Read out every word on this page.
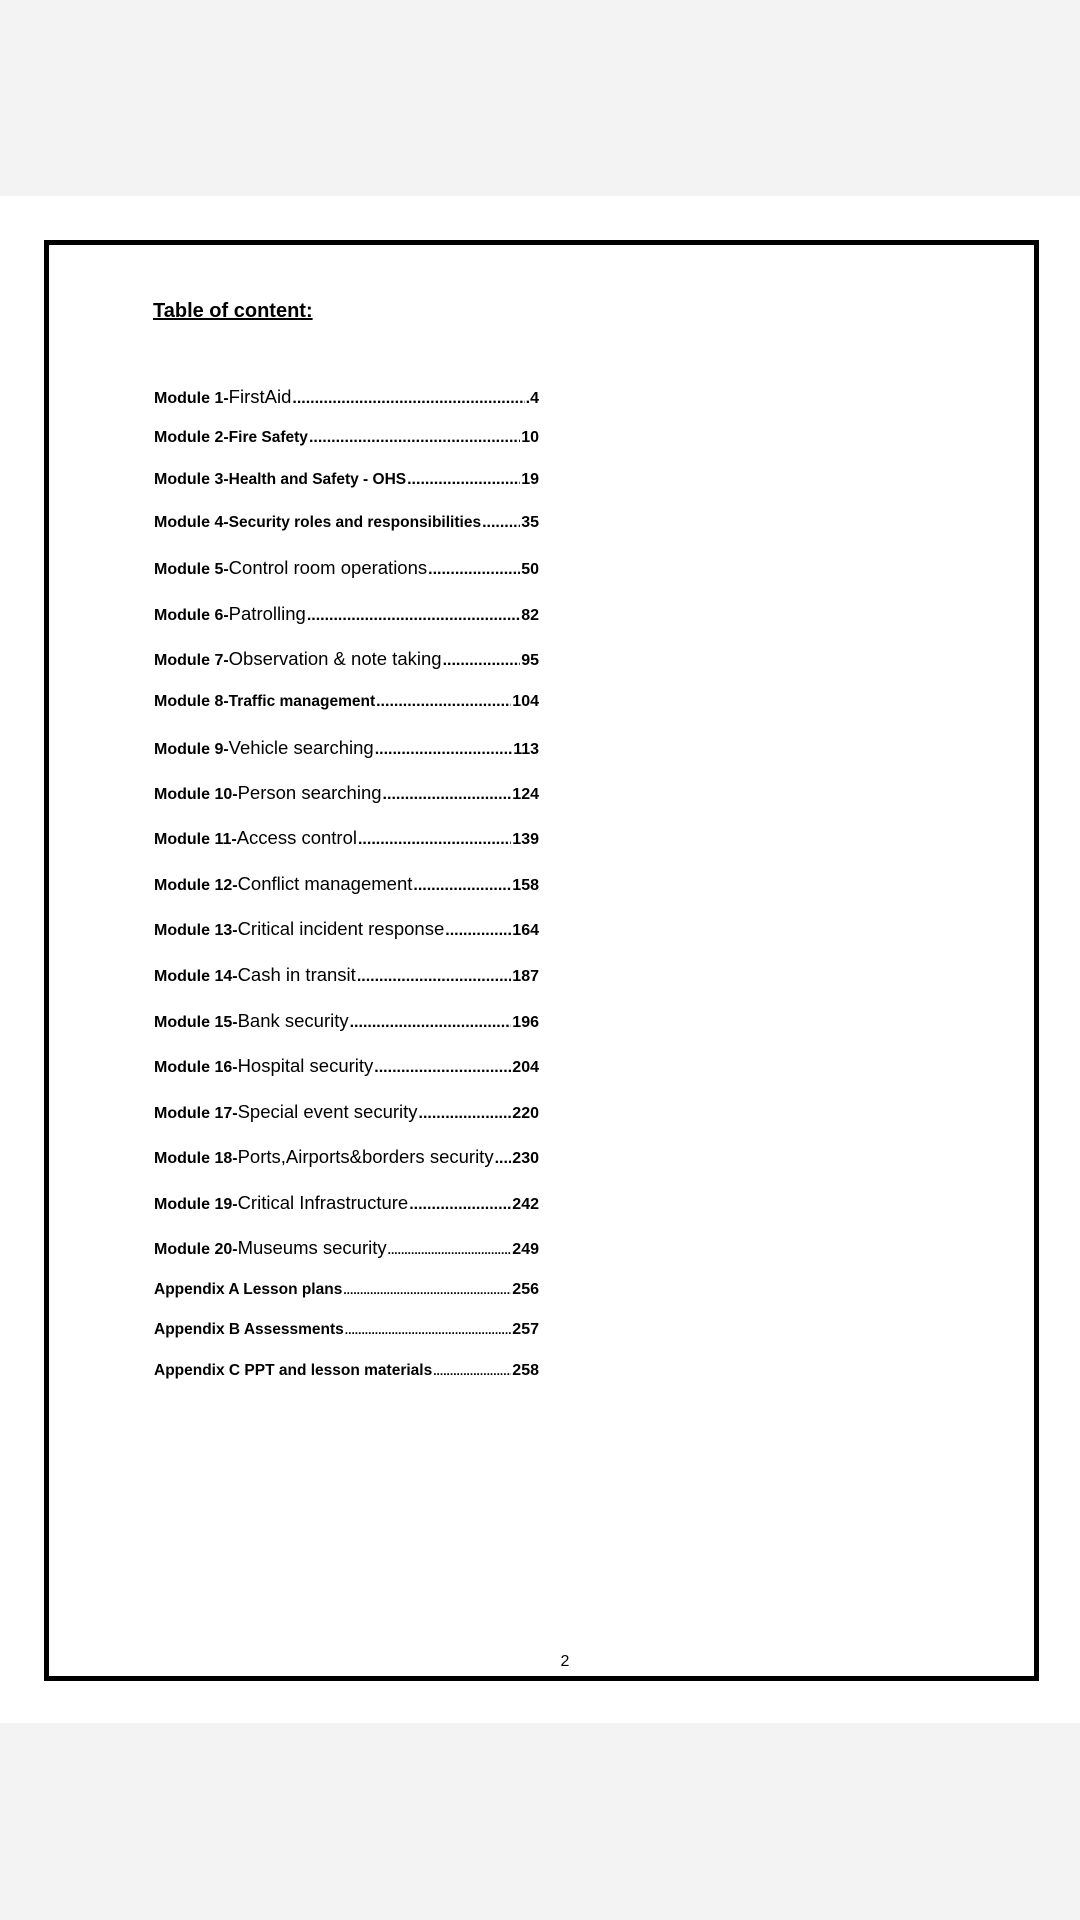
Table of content:
Module 1- FirstAid .....	.4
Module 2- Fire Safety .....	10
Module 3- Health and Safety - OHS .....	19
Module 4- Security roles and responsibilities .....	35
Module 5- Control room operations .....	50
Module 6- Patrolling .....	82
Module 7- Observation & note taking .....	95
Module 8- Traffic management .....	104
Module 9- Vehicle searching .....	113
Module 10- Person searching .....	124
Module 11- Access control .....	139
Module 12- Conflict management .....	158
Module 13- Critical incident response .....	164
Module 14- Cash in transit .....	187
Module 15- Bank security .....	196
Module 16- Hospital security .....	204
Module 17- Special event security .....	220
Module 18- Ports,Airports&borders security ..... 230
Module 19- Critical Infrastructure .....	242
Module 20- Museums security .....	249
Appendix A Lesson plans .....	256
Appendix B Assessments .....	257
Appendix C PPT and lesson materials .....	258
2
